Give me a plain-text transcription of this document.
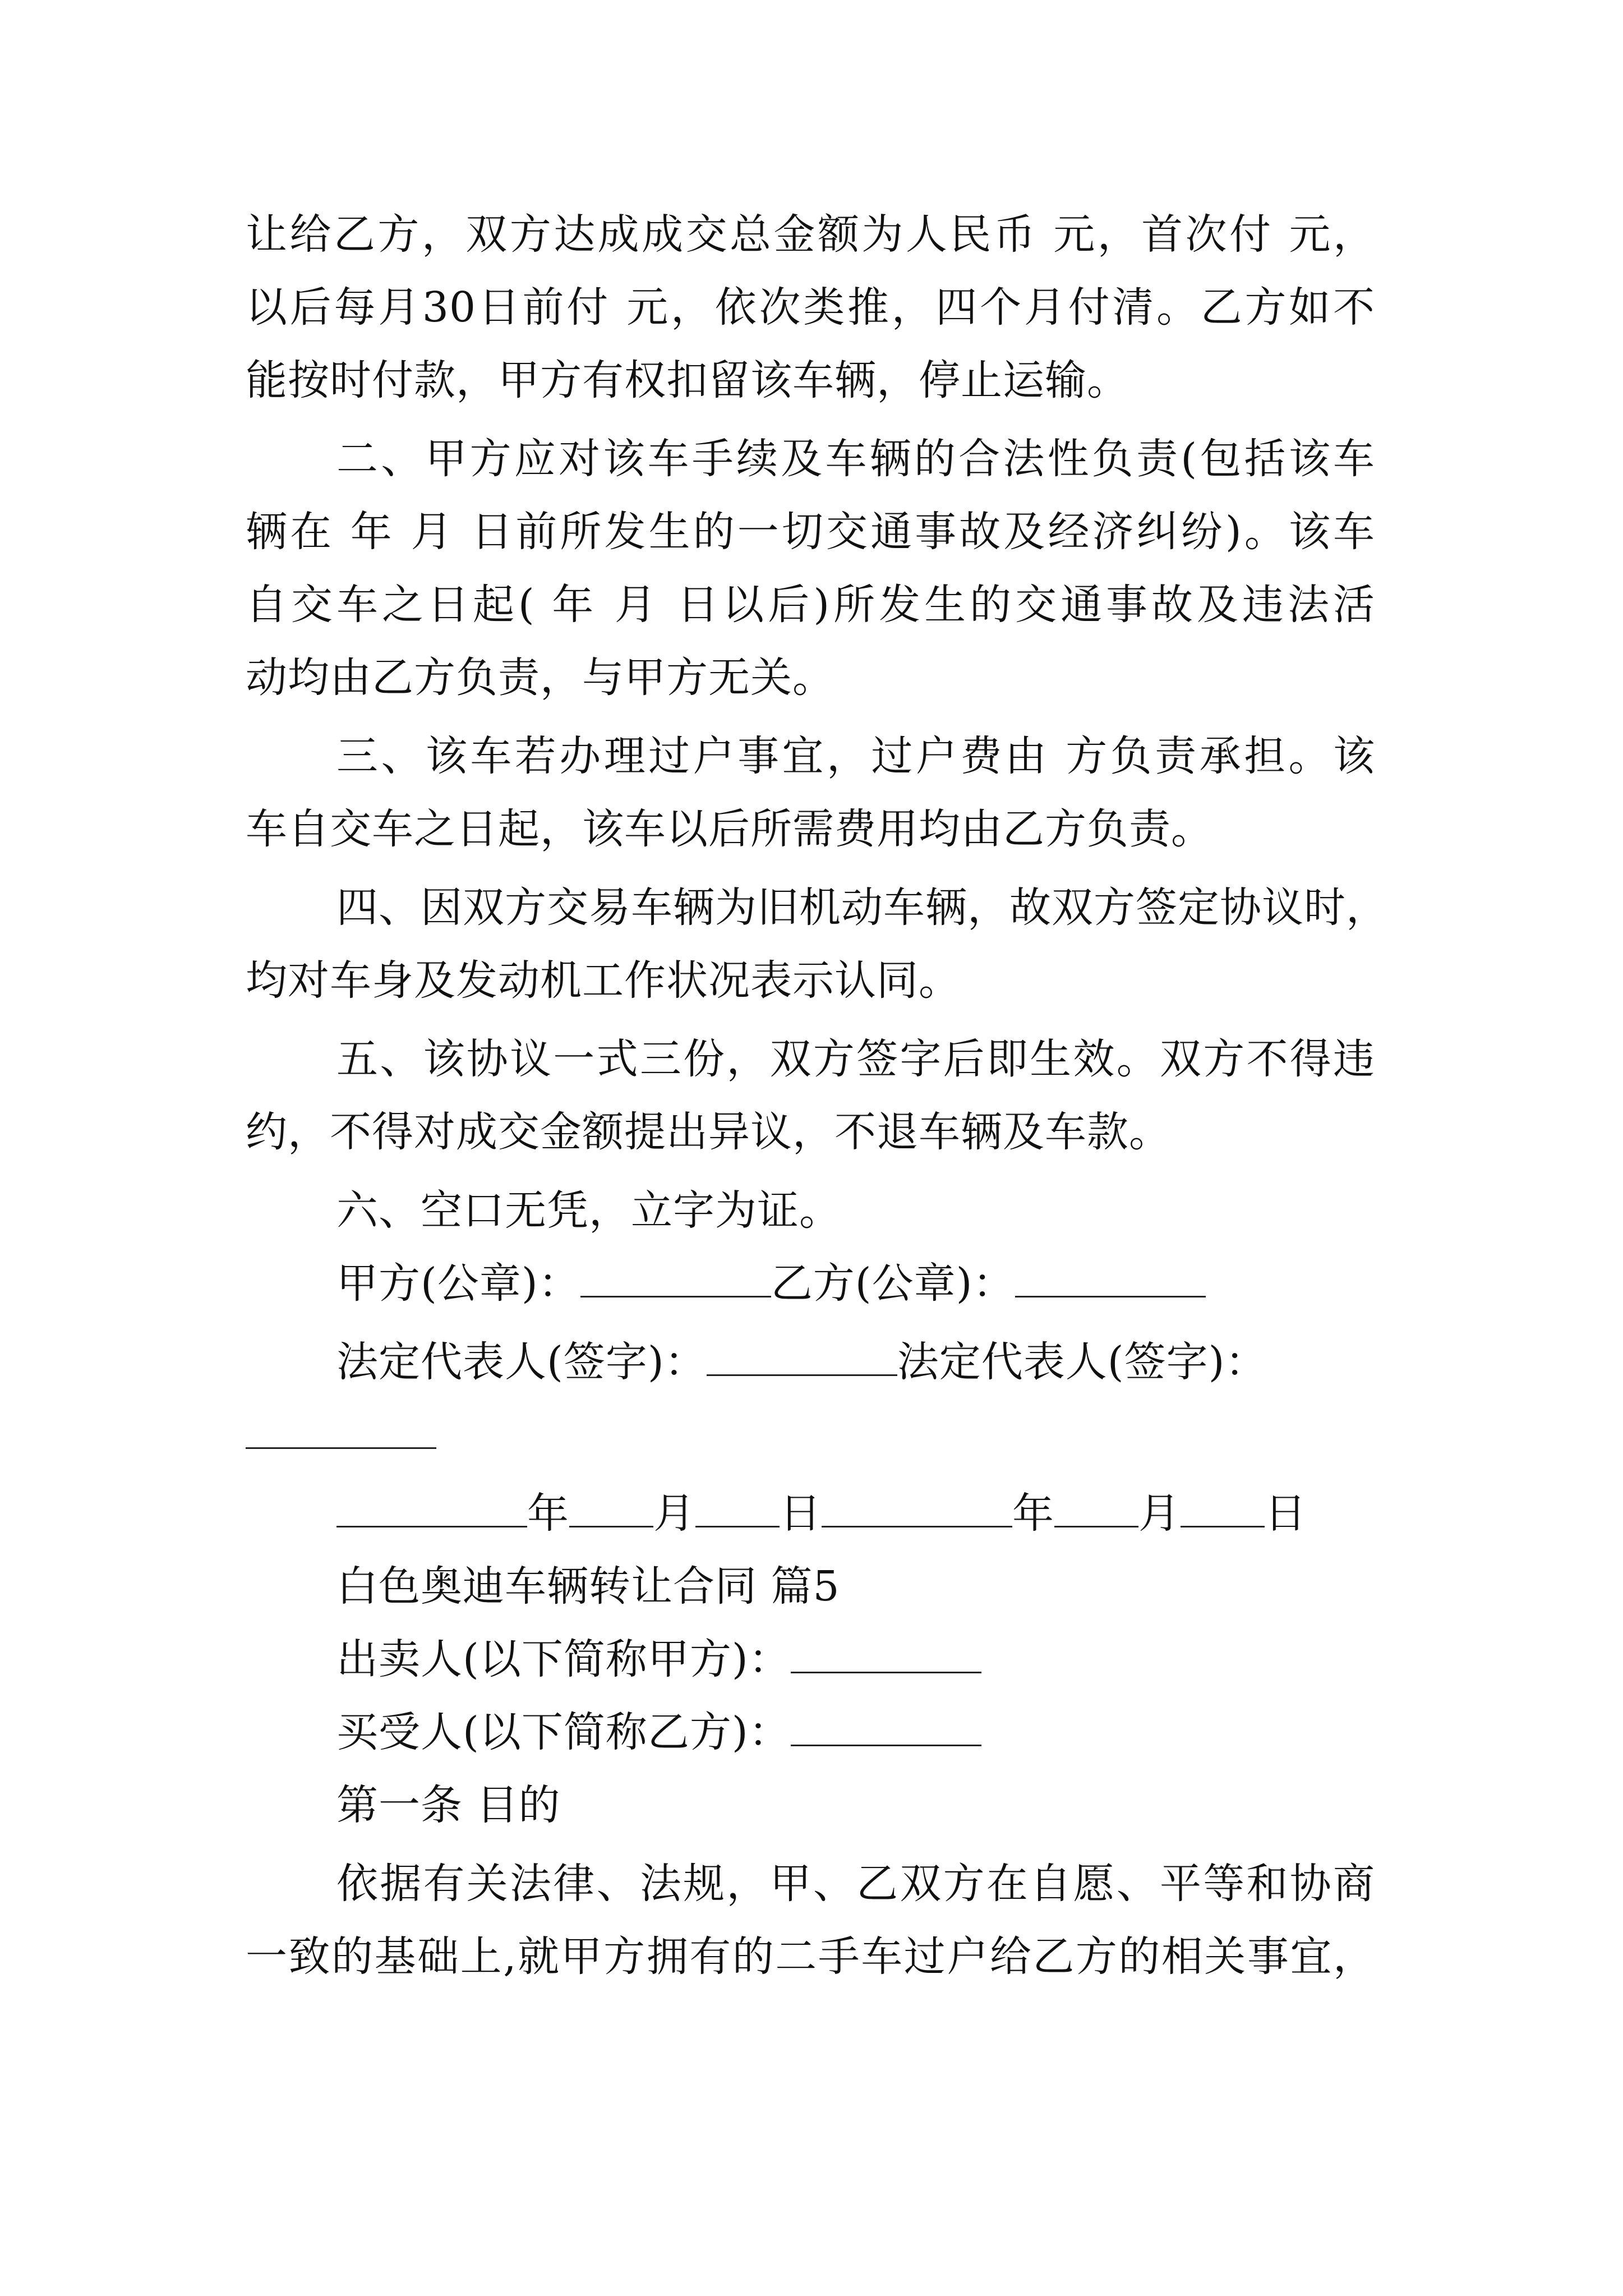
让给乙方，双方达成成交总金额为人民币 元，首次付 元，
以后每月30日前付 元，依次类推，四个月付清。乙方如不
能按时付款，甲方有权扣留该车辆，停止运输。
二、甲方应对该车手续及车辆的合法性负责(包括该车
辆在 年 月 日前所发生的一切交通事故及经济纠纷)。该车
自交车之日起( 年 月 日以后)所发生的交通事故及违法活
动均由乙方负责，与甲方无关。
三、该车若办理过户事宜，过户费由 方负责承担。该
车自交车之日起，该车以后所需费用均由乙方负责。
四、因双方交易车辆为旧机动车辆，故双方签定协议时，
均对车身及发动机工作状况表示认同。
五、该协议一式三份，双方签字后即生效。双方不得违
约，不得对成交金额提出异议，不退车辆及车款。
六、空口无凭，立字为证。
甲方(公章)：	乙方(公章)：
法定代表人(签字)：	法定代表人(签字)：
年 月 日	年 月 日
白色奥迪车辆转让合同 篇5
出卖人(以下简称甲方)：
买受人(以下简称乙方)：
第一条 目的
依据有关法律、法规，甲、乙双方在自愿、平等和协商
一致的基础上,就甲方拥有的二手车过户给乙方的相关事宜，
